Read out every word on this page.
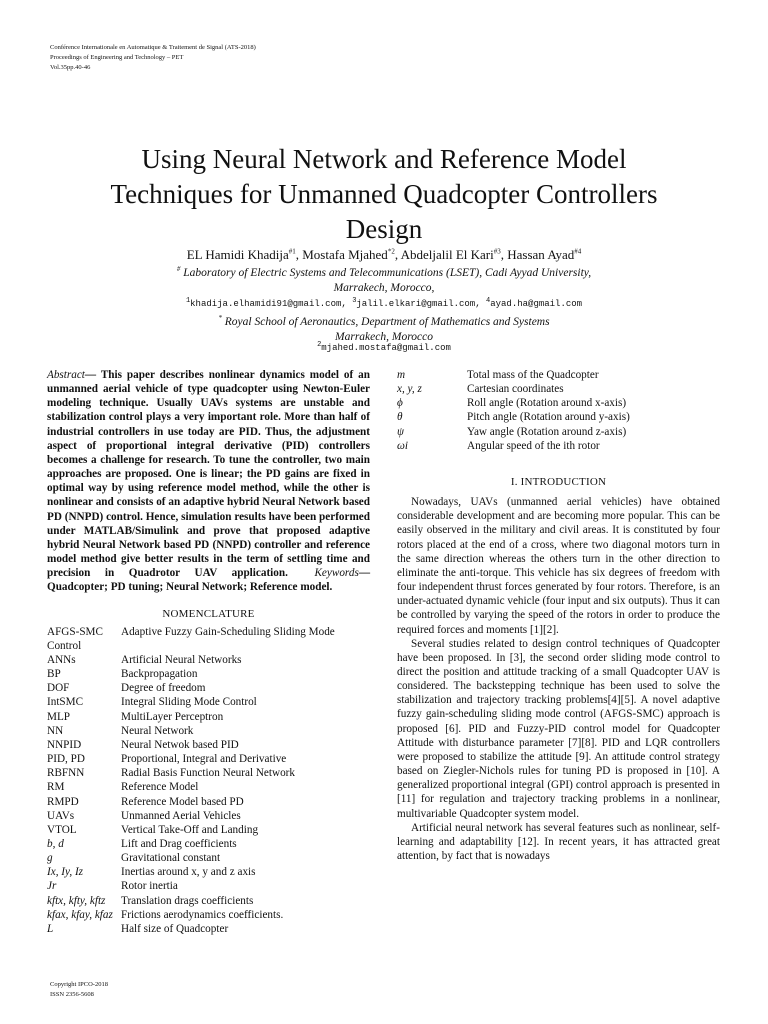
Conférence Internationale en Automatique & Traitement de Signal (ATS-2018)
Proceedings of Engineering and Technology – PET
Vol.35pp.40-46
Using Neural Network and Reference Model
Techniques for Unmanned Quadcopter Controllers
Design
EL Hamidi Khadija$^{\#1}$, Mostafa Mjahed$^{*2}$, Abdeljalil El Kari$^{\#3}$, Hassan Ayad$^{\#4}$
# Laboratory of Electric Systems and Telecommunications (LSET), Cadi Ayyad University,
Marrakech, Morocco,
$^1$khadija.elhamidi91@gmail.com, $^3$jalil.elkari@gmail.com, $^4$ayad.ha@gmail.com
* Royal School of Aeronautics, Department of Mathematics and Systems
Marrakech, Morocco
$^2$mjahed.mostafa@gmail.com
Abstract— This paper describes nonlinear dynamics model of an unmanned aerial vehicle of type quadcopter using Newton-Euler modeling technique. Usually UAVs systems are unstable and stabilization control plays a very important role. More than half of industrial controllers in use today are PID. Thus, the adjustment aspect of proportional integral derivative (PID) controllers becomes a challenge for research. To tune the controller, two main approaches are proposed. One is linear; the PD gains are fixed in optimal way by using reference model method, while the other is nonlinear and consists of an adaptive hybrid Neural Network based PD (NNPD) control. Hence, simulation results have been performed under MATLAB/Simulink and prove that proposed adaptive hybrid Neural Network based PD (NNPD) controller and reference model method give better results in the term of settling time and precision in Quadrotor UAV application. Keywords— Quadcopter; PD tuning; Neural Network; Reference model.
NOMENCLATURE
AFGS-SMC Adaptive Fuzzy Gain-Scheduling Sliding Mode Control
ANNs	Artificial Neural Networks
BP	Backpropagation
DOF	Degree of freedom
IntSMC	Integral Sliding Mode Control
MLP	MultiLayer Perceptron
NN	Neural Network
NNPID	Neural Netwok based PID
PID, PD	Proportional, Integral and Derivative
RBFNN	Radial Basis Function Neural Network
RM	Reference Model
RMPD	Reference Model based PD
UAVs	Unmanned Aerial Vehicles
VTOL	Vertical Take-Off and Landing
b, d	Lift and Drag coefficients
g	Gravitational constant
Ix, Iy, Iz	Inertias around x, y and z axis
Jr	Rotor inertia
kftx, kfty, kftz	Translation drags coefficients
kfax, kfay, kfaz Frictions aerodynamics coefficients.
L	Half size of Quadcopter
m	Total mass of the Quadcopter
x, y, z	Cartesian coordinates
ϕ	Roll angle (Rotation around x-axis)
θ	Pitch angle (Rotation around y-axis)
ψ	Yaw angle (Rotation around z-axis)
ωi	Angular speed of the ith rotor
I. INTRODUCTION

Nowadays, UAVs (unmanned aerial vehicles) have obtained considerable development and are becoming more popular. This can be easily observed in the military and civil areas. It is constituted by four rotors placed at the end of a cross, where two diagonal motors turn in the same direction whereas the others turn in the other direction to eliminate the anti-torque. This vehicle has six degrees of freedom with four independent thrust forces generated by four rotors. Therefore, is an under-actuated dynamic vehicle (four input and six outputs). Thus it can be controlled by varying the speed of the rotors in order to produce the required forces and moments [1][2].

Several studies related to design control techniques of Quadcopter have been proposed. In [3], the second order sliding mode control to direct the position and attitude tracking of a small Quadcopter UAV is considered. The backstepping technique has been used to solve the stabilization and trajectory tracking problems[4][5]. A novel adaptive fuzzy gain-scheduling sliding mode control (AFGS-SMC) approach is proposed [6]. PID and Fuzzy-PID control model for Quadcopter Attitude with disturbance parameter [7][8]. PID and LQR controllers were proposed to stabilize the attitude [9]. An attitude control strategy based on Ziegler-Nichols rules for tuning PD is proposed in [10]. A generalized proportional integral (GPI) control approach is presented in [11] for regulation and trajectory tracking problems in a nonlinear, multivariable Quadcopter system model.

Artificial neural network has several features such as nonlinear, self-learning and adaptability [12]. In recent years, it has attracted great attention, by fact that is nowadays

Copyright IPCO-2018
ISSN 2356-5608
